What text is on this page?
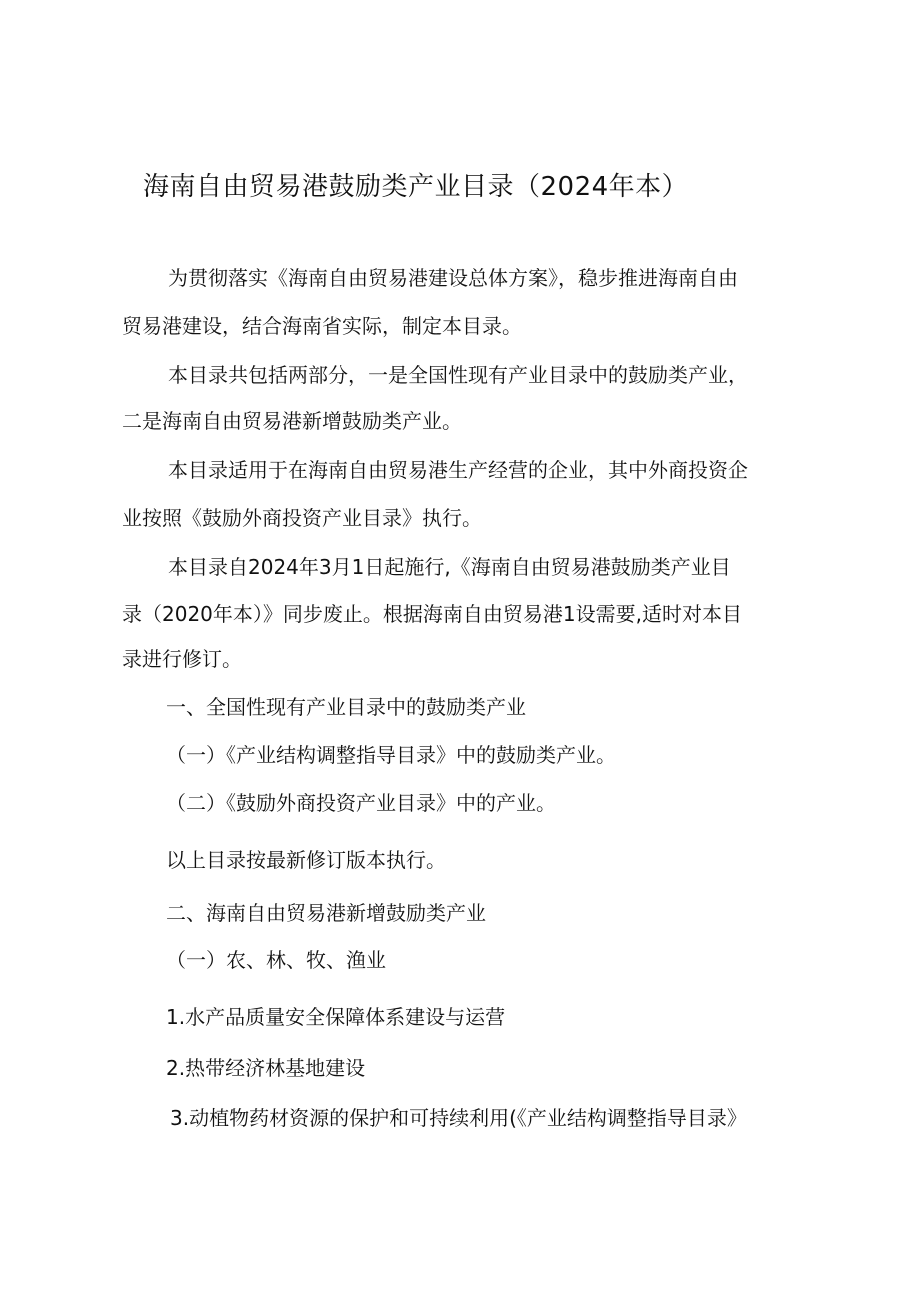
海南自由贸易港鼓励类产业目录（2024年本）
为贯彻落实《海南自由贸易港建设总体方案》，稳步推进海南自由
贸易港建设，结合海南省实际，制定本目录。
本目录共包括两部分，一是全国性现有产业目录中的鼓励类产业，
二是海南自由贸易港新增鼓励类产业。
本目录适用于在海南自由贸易港生产经营的企业，其中外商投资企
业按照《鼓励外商投资产业目录》执行。
本目录自2024年3月1日起施行,《海南自由贸易港鼓励类产业目
录（2020年本）》同步废止。根据海南自由贸易港1设需要,适时对本目
录进行修订。
一、全国性现有产业目录中的鼓励类产业
（一）《产业结构调整指导目录》中的鼓励类产业。
（二）《鼓励外商投资产业目录》中的产业。
以上目录按最新修订版本执行。
二、海南自由贸易港新增鼓励类产业
（一）农、林、牧、渔业
1.水产品质量安全保障体系建设与运营
2.热带经济林基地建设
3.动植物药材资源的保护和可持续利用(《产业结构调整指导目录》
